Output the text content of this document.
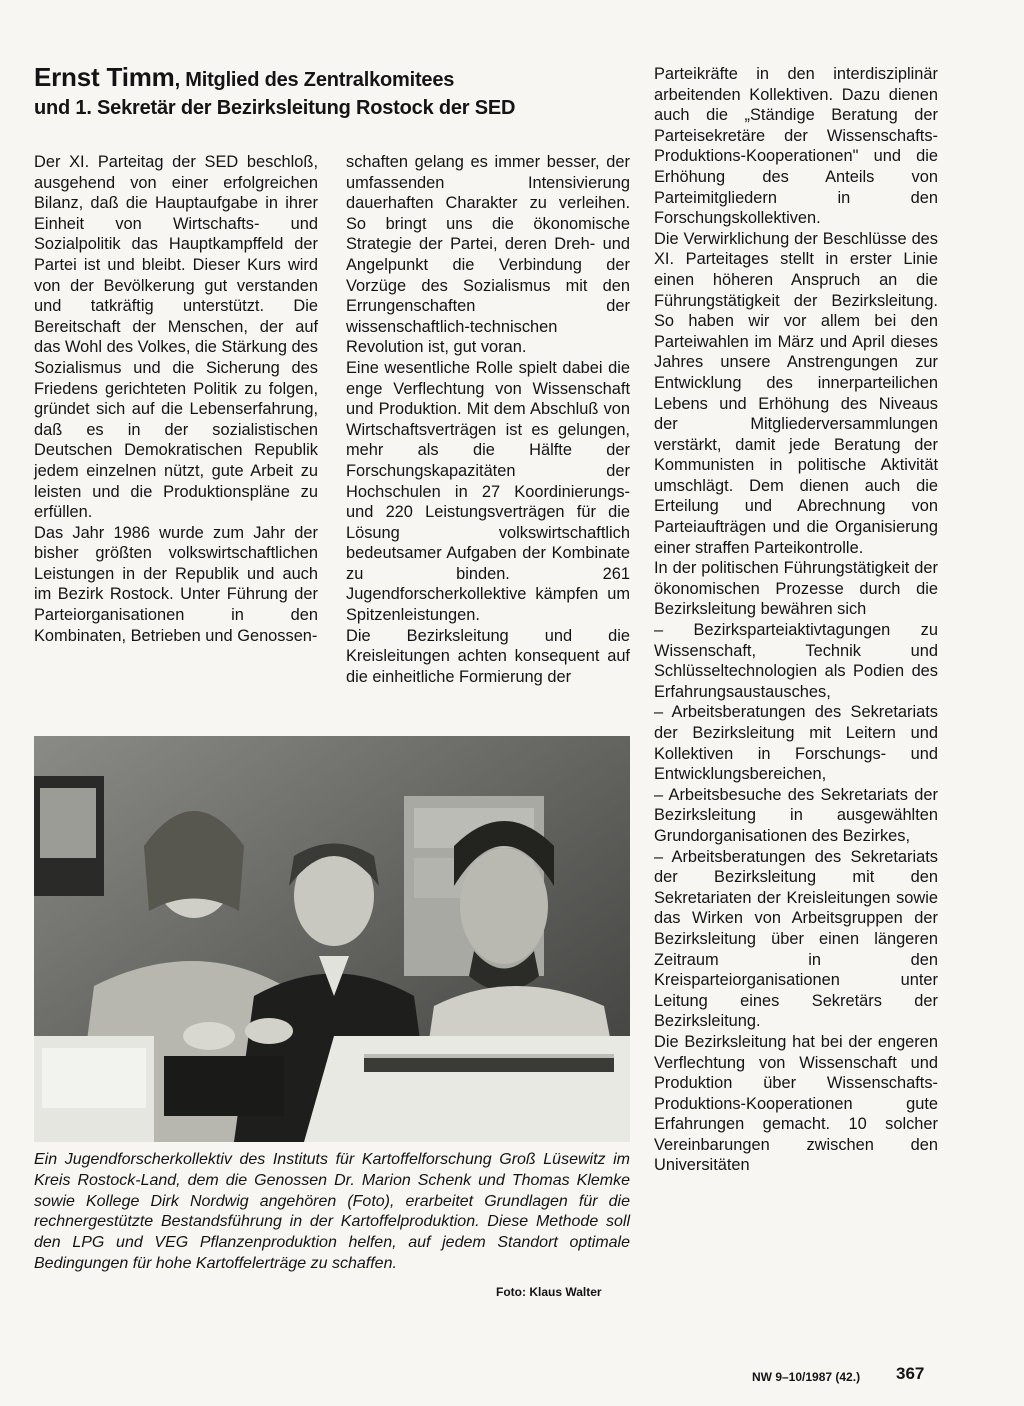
Ernst Timm, Mitglied des Zentralkomitees
und 1. Sekretär der Bezirksleitung Rostock der SED

Der XI. Parteitag der SED beschloß, ausgehend von einer erfolgreichen Bilanz, daß die Hauptaufgabe in ihrer Einheit von Wirtschafts- und Sozialpolitik das Hauptkampffeld der Partei ist und bleibt. Dieser Kurs wird von der Bevölkerung gut verstanden und tatkräftig unterstützt. Die Bereitschaft der Menschen, der auf das Wohl des Volkes, die Stärkung des Sozialismus und die Sicherung des Friedens gerichteten Politik zu folgen, gründet sich auf die Lebenserfahrung, daß es in der sozialistischen Deutschen Demokratischen Republik jedem einzelnen nützt, gute Arbeit zu leisten und die Produktionspläne zu erfüllen.

Das Jahr 1986 wurde zum Jahr der bisher größten volkswirtschaftlichen Leistungen in der Republik und auch im Bezirk Rostock. Unter Führung der Parteiorganisationen in den Kombinaten, Betrieben und Genossen-

schaften gelang es immer besser, der umfassenden Intensivierung dauerhaften Charakter zu verleihen. So bringt uns die ökonomische Strategie der Partei, deren Dreh- und Angelpunkt die Verbindung der Vorzüge des Sozialismus mit den Errungenschaften der wissenschaftlich-technischen Revolution ist, gut voran.

Eine wesentliche Rolle spielt dabei die enge Verflechtung von Wissenschaft und Produktion. Mit dem Abschluß von Wirtschaftsverträgen ist es gelungen, mehr als die Hälfte der Forschungskapazitäten der Hochschulen in 27 Koordinierungs- und 220 Leistungsverträgen für die Lösung volkswirtschaftlich bedeutsamer Aufgaben der Kombinate zu binden. 261 Jugendforscherkollektive kämpfen um Spitzenleistungen.

Die Bezirksleitung und die Kreisleitungen achten konsequent auf die einheitliche Formierung der

Parteikräfte in den interdisziplinär arbeitenden Kollektiven. Dazu dienen auch die „Ständige Beratung der Parteisekretäre der Wissenschafts-Produktions-Kooperationen" und die Erhöhung des Anteils von Parteimitgliedern in den Forschungskollektiven.

Die Verwirklichung der Beschlüsse des XI. Parteitages stellt in erster Linie einen höheren Anspruch an die Führungstätigkeit der Bezirksleitung. So haben wir vor allem bei den Parteiwahlen im März und April dieses Jahres unsere Anstrengungen zur Entwicklung des innerparteilichen Lebens und Erhöhung des Niveaus der Mitgliederversammlungen verstärkt, damit jede Beratung der Kommunisten in politische Aktivität umschlägt. Dem dienen auch die Erteilung und Abrechnung von Parteiaufträgen und die Organisierung einer straffen Parteikontrolle.

In der politischen Führungstätigkeit der ökonomischen Prozesse durch die Bezirksleitung bewähren sich

– Bezirksparteiaktivtagungen zu Wissenschaft, Technik und Schlüsseltechnologien als Podien des Erfahrungsaustausches,

– Arbeitsberatungen des Sekretariats der Bezirksleitung mit Leitern und Kollektiven in Forschungs- und Entwicklungsbereichen,

– Arbeitsbesuche des Sekretariats der Bezirksleitung in ausgewählten Grundorganisationen des Bezirkes,

– Arbeitsberatungen des Sekretariats der Bezirksleitung mit den Sekretariaten der Kreisleitungen sowie das Wirken von Arbeitsgruppen der Bezirksleitung über einen längeren Zeitraum in den Kreisparteiorganisationen unter Leitung eines Sekretärs der Bezirksleitung.

Die Bezirksleitung hat bei der engeren Verflechtung von Wissenschaft und Produktion über Wissenschafts-Produktions-Kooperationen gute Erfahrungen gemacht. 10 solcher Vereinbarungen zwischen den Universitäten

Ein Jugendforscherkollektiv des Instituts für Kartoffelforschung Groß Lüsewitz im Kreis Rostock-Land, dem die Genossen Dr. Marion Schenk und Thomas Klemke sowie Kollege Dirk Nordwig angehören (Foto), erarbeitet Grundlagen für die rechnergestützte Bestandsführung in der Kartoffelproduktion. Diese Methode soll den LPG und VEG Pflanzenproduktion helfen, auf jedem Standort optimale Bedingungen für hohe Kartoffelerträge zu schaffen.
Foto: Klaus Walter
NW 9–10/1987 (42.) 367
